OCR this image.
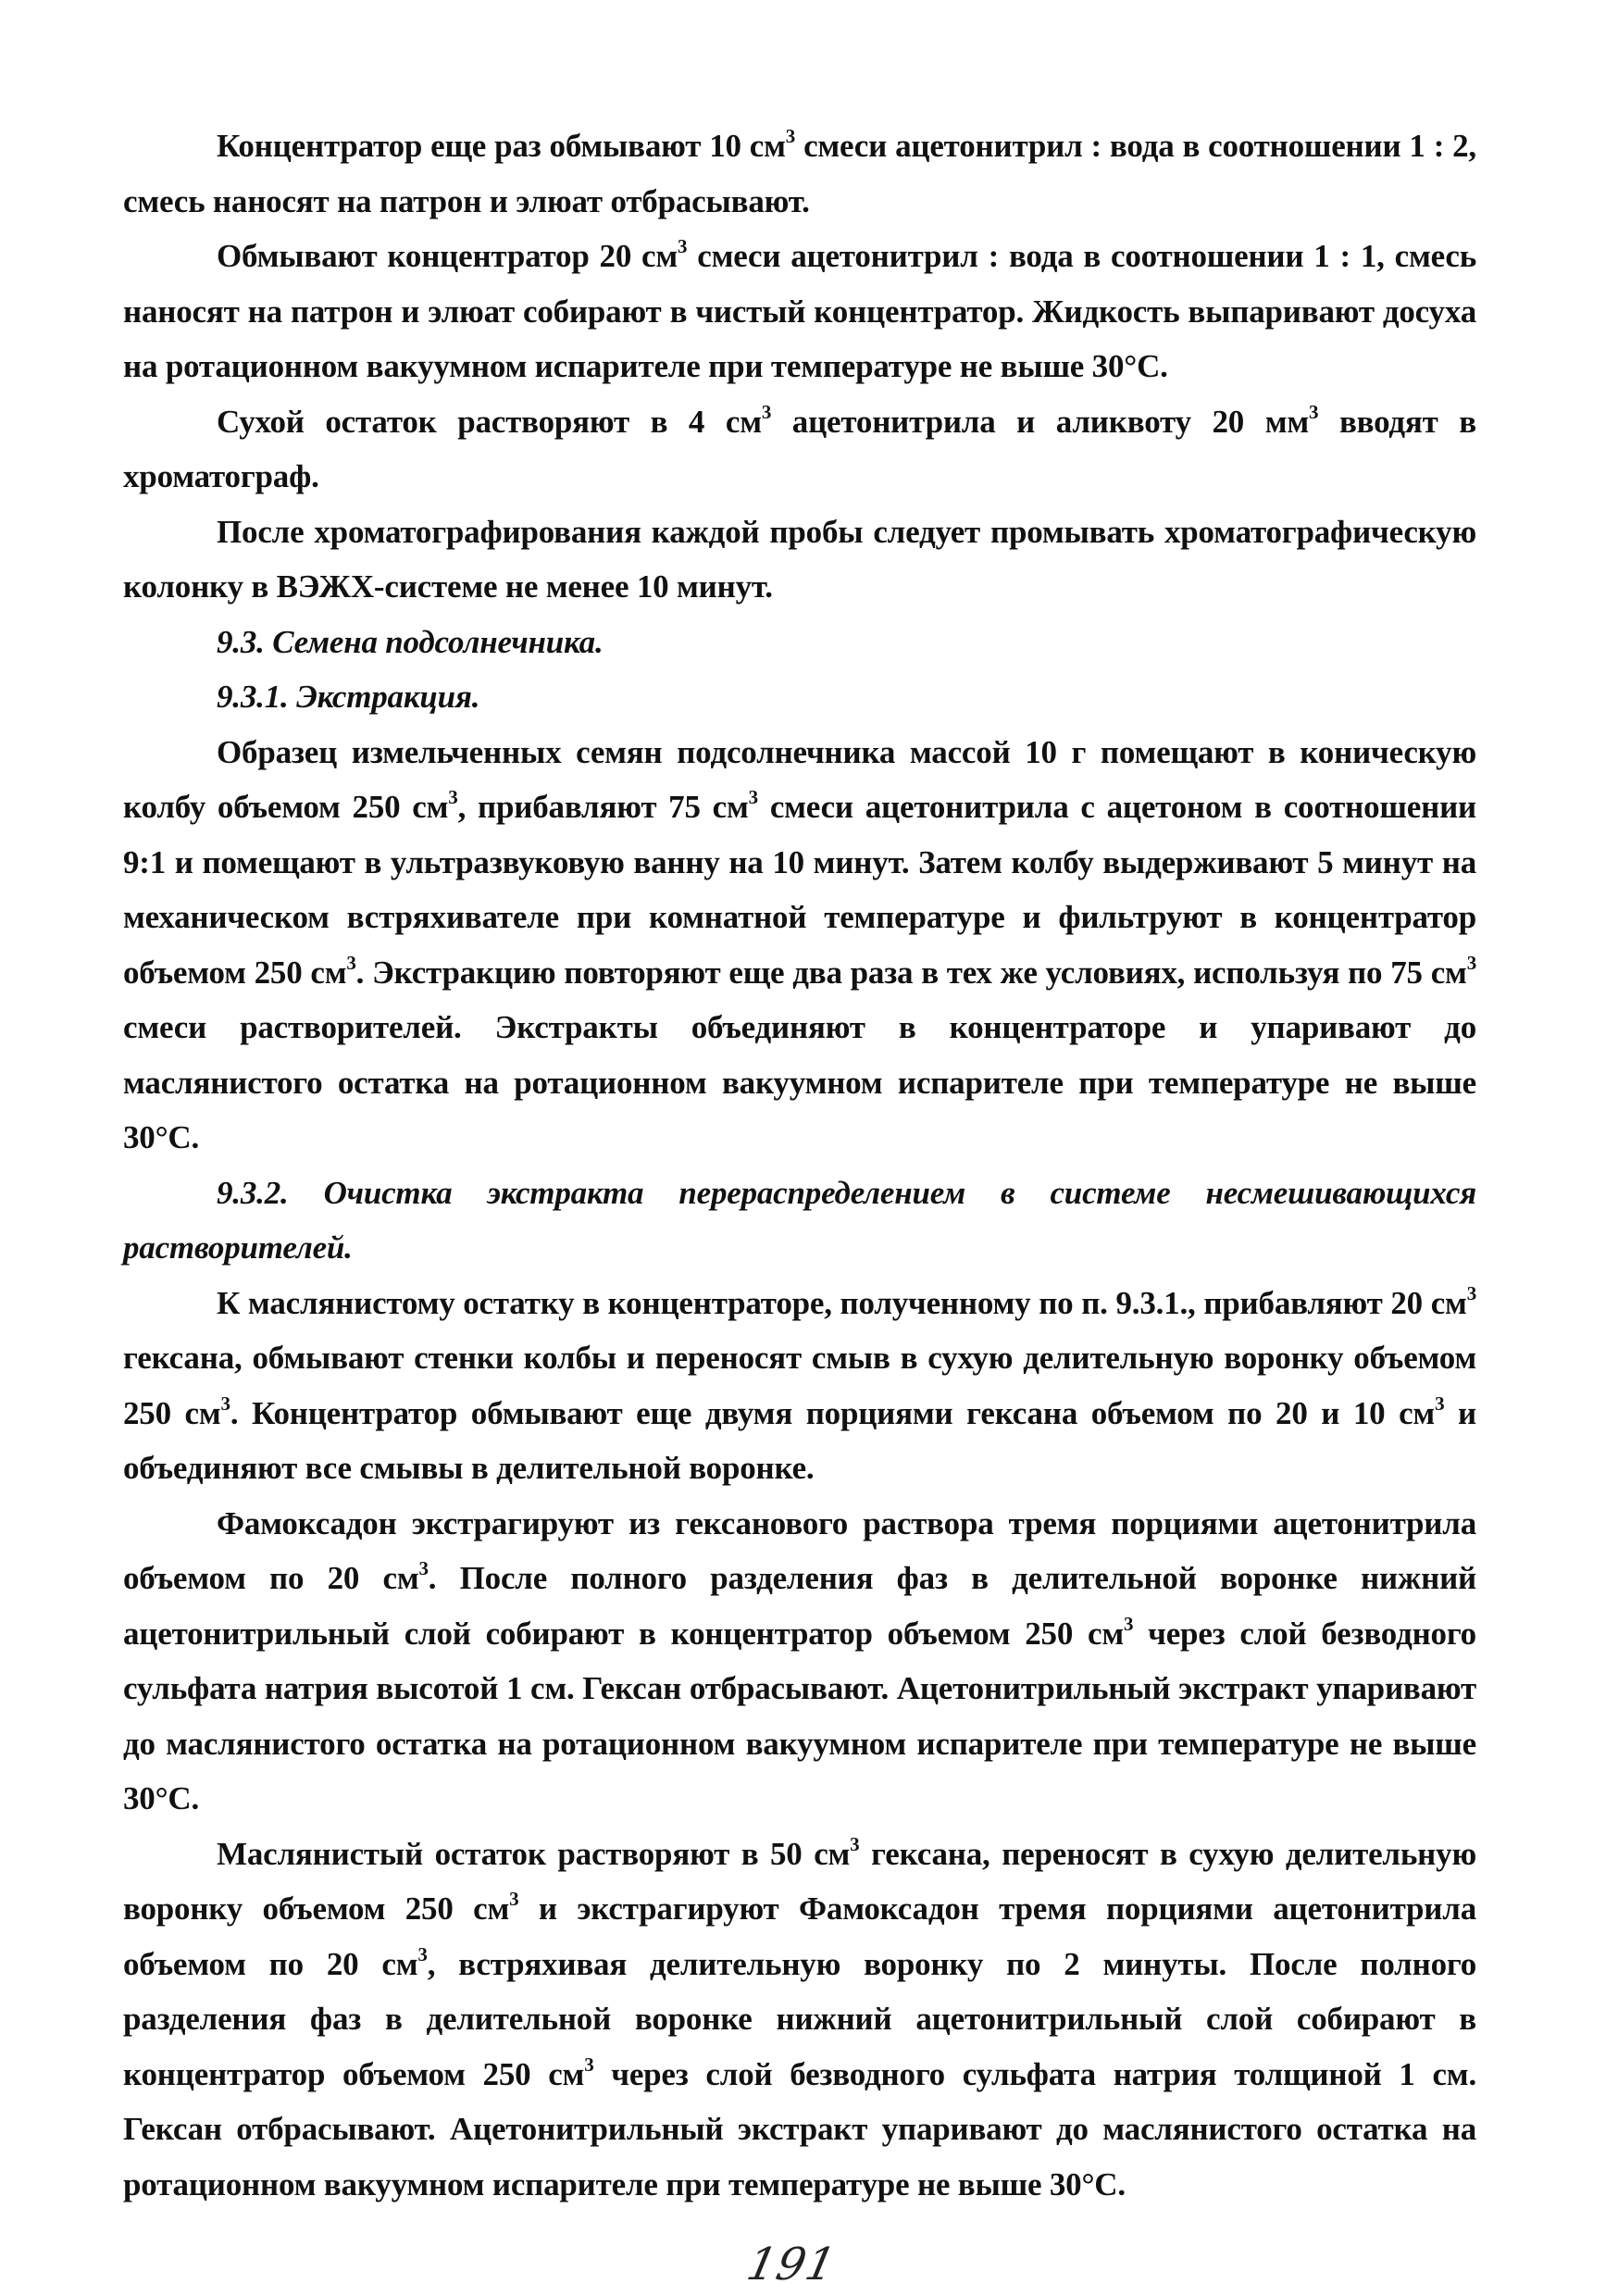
Концентратор еще раз обмывают 10 $см^3$ смеси ацетонитрил : вода в соотношении 1 : 2, смесь наносят на патрон и элюат отбрасывают.

Обмывают концентратор 20 $см^3$ смеси ацетонитрил : вода в соотношении 1 : 1, смесь наносят на патрон и элюат собирают в чистый концентратор. Жидкость выпаривают досуха на ротационном вакуумном испарителе при температуре не выше 30°С.

Сухой остаток растворяют в 4 $см^3$ ацетонитрила и аликвоту 20 $мм^3$ вводят в хроматограф.

После хроматографирования каждой пробы следует промывать хроматографическую колонку в ВЭЖХ-системе не менее 10 минут.

9.3. Семена подсолнечника.

9.3.1. Экстракция.

Образец измельченных семян подсолнечника массой 10 г помещают в коническую колбу объемом 250 $см^3$, прибавляют 75 $см^3$ смеси ацетонитрила с ацетоном в соотношении 9:1 и помещают в ультразвуковую ванну на 10 минут. Затем колбу выдерживают 5 минут на механическом встряхивателе при комнатной температуре и фильтруют в концентратор объемом 250 $см^3$. Экстракцию повторяют еще два раза в тех же условиях, используя по 75 $см^3$ смеси растворителей. Экстракты объединяют в концентраторе и упаривают до маслянистого остатка на ротационном вакуумном испарителе при температуре не выше 30°С.

9.3.2. Очистка экстракта перераспределением в системе несмешивающихся растворителей.

К маслянистому остатку в концентраторе, полученному по п. 9.3.1., прибавляют 20 $см^3$ гексана, обмывают стенки колбы и переносят смыв в сухую делительную воронку объемом 250 $см^3$. Концентратор обмывают еще двумя порциями гексана объемом по 20 и 10 $см^3$ и объединяют все смывы в делительной воронке.

Фамоксадон экстрагируют из гексанового раствора тремя порциями ацетонитрила объемом по 20 $см^3$. После полного разделения фаз в делительной воронке нижний ацетонитрильный слой собирают в концентратор объемом 250 $см^3$ через слой безводного сульфата натрия высотой 1 см. Гексан отбрасывают. Ацетонитрильный экстракт упаривают до маслянистого остатка на ротационном вакуумном испарителе при температуре не выше 30°С.

Маслянистый остаток растворяют в 50 $см^3$ гексана, переносят в сухую делительную воронку объемом 250 $см^3$ и экстрагируют Фамоксадон тремя порциями ацетонитрила объемом по 20 $см^3$, встряхивая делительную воронку по 2 минуты. После полного разделения фаз в делительной воронке нижний ацетонитрильный слой собирают в концентратор объемом 250 $см^3$ через слой безводного сульфата натрия толщиной 1 см. Гексан отбрасывают. Ацетонитрильный экстракт упаривают до маслянистого остатка на ротационном вакуумном испарителе при температуре не выше 30°С.

191
